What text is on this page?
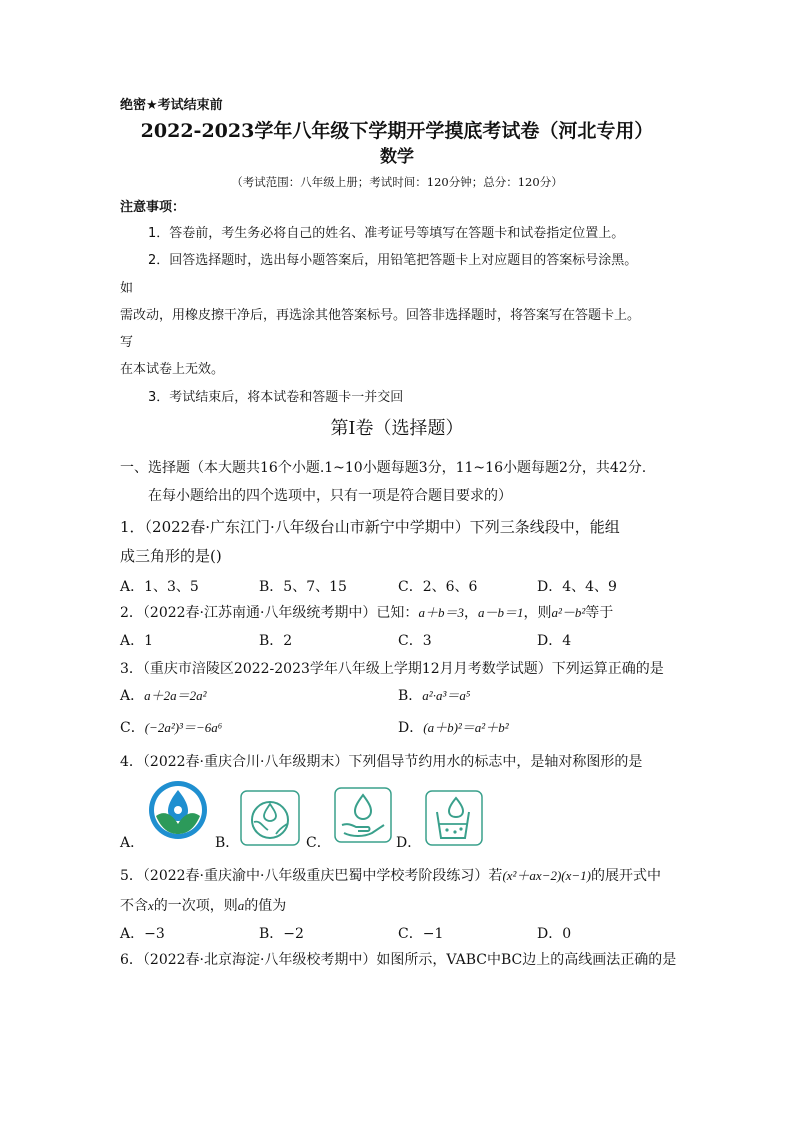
绝密★考试结束前
2022-2023学年八年级下学期开学摸底考试卷（河北专用）
数学
（考试范围：八年级上册；考试时间：120分钟；总分：120分）
注意事项：
1．答卷前，考生务必将自己的姓名、准考证号等填写在答题卡和试卷指定位置上。
2．回答选择题时，选出每小题答案后，用铅笔把答题卡上对应题目的答案标号涂黑。
如
需改动，用橡皮擦干净后，再选涂其他答案标号。回答非选择题时，将答案写在答题卡上。
写
在本试卷上无效。
3．考试结束后，将本试卷和答题卡一并交回
第Ⅰ卷（选择题）
一、选择题（本大题共16个小题.1~10小题每题3分，11~16小题每题2分，共42分.
在每小题给出的四个选项中，只有一项是符合题目要求的）
1．（2022春·广东江门·八年级台山市新宁中学期中）下列三条线段中，能组
成三角形的是()
A．1、3、5	B．5、7、15	C．2、6、6	D．4、4、9
2．（2022春·江苏南通·八年级统考期中）已知：a＋b＝3，a－b＝1，则a²－b²等于
A．1	B．2	C．3	D．4
3．（重庆市涪陵区2022-2023学年八年级上学期12月月考数学试题）下列运算正确的是
A．a＋2a＝2a²	B．a²·a³＝a⁵
C．(−2a²)³＝−6a⁶	D．(a＋b)²＝a²＋b²
4．（2022春·重庆合川·八年级期末）下列倡导节约用水的标志中，是轴对称图形的是
A．	B．	C．	D．
5．（2022春·重庆渝中·八年级重庆巴蜀中学校考阶段练习）若(x²＋ax−2)(x−1)的展开式中
不含x的一次项，则a的值为
A．−3	B．−2	C．−1	D．0
6．（2022春·北京海淀·八年级校考期中）如图所示，VABC中BC边上的高线画法正确的是
